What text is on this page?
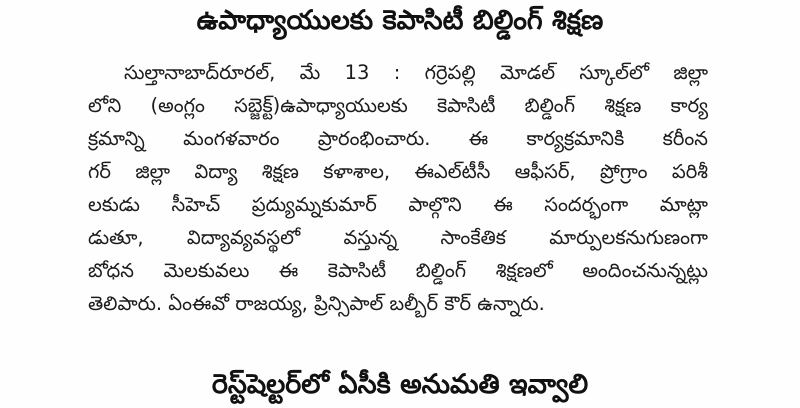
ఉపాధ్యాయులకు కెపాసిటీ బిల్డింగ్ శిక్షణ
సుల్తానాబాద్‌రూరల్, మే 13 : గర్రెపల్లి మోడల్ స్కూల్‌లో జిల్లా
లోని (అంగ్లం సబ్జెక్ట్)ఉపాధ్యాయులకు కెపాసిటీ బిల్డింగ్ శిక్షణ కార్య
క్రమాన్ని మంగళవారం ప్రారంభించారు. ఈ కార్యక్రమానికి కరీంన
గర్ జిల్లా విద్యా శిక్షణ కళాశాల, ఈఎల్‌టీసీ ఆఫీసర్, ప్రోగ్రాం పరిశీ
లకుడు సీహెచ్ ప్రద్యుమ్నకుమార్ పాల్గొని ఈ సందర్భంగా మాట్లా
డుతూ, విద్యావ్యవస్థలో వస్తున్న సాంకేతిక మార్పులకనుగుణంగా
బోధన మెలకువలు ఈ కెపాసిటీ బిల్డింగ్ శిక్షణలో అందించనున్నట్లు
తెలిపారు. ఏంఈవో రాజయ్య, ప్రిన్సిపాల్ బల్బీర్ కౌర్ ఉన్నారు.
రెస్ట్‌షెల్టర్‌లో ఏసీకి అనుమతి ఇవ్వాలి
